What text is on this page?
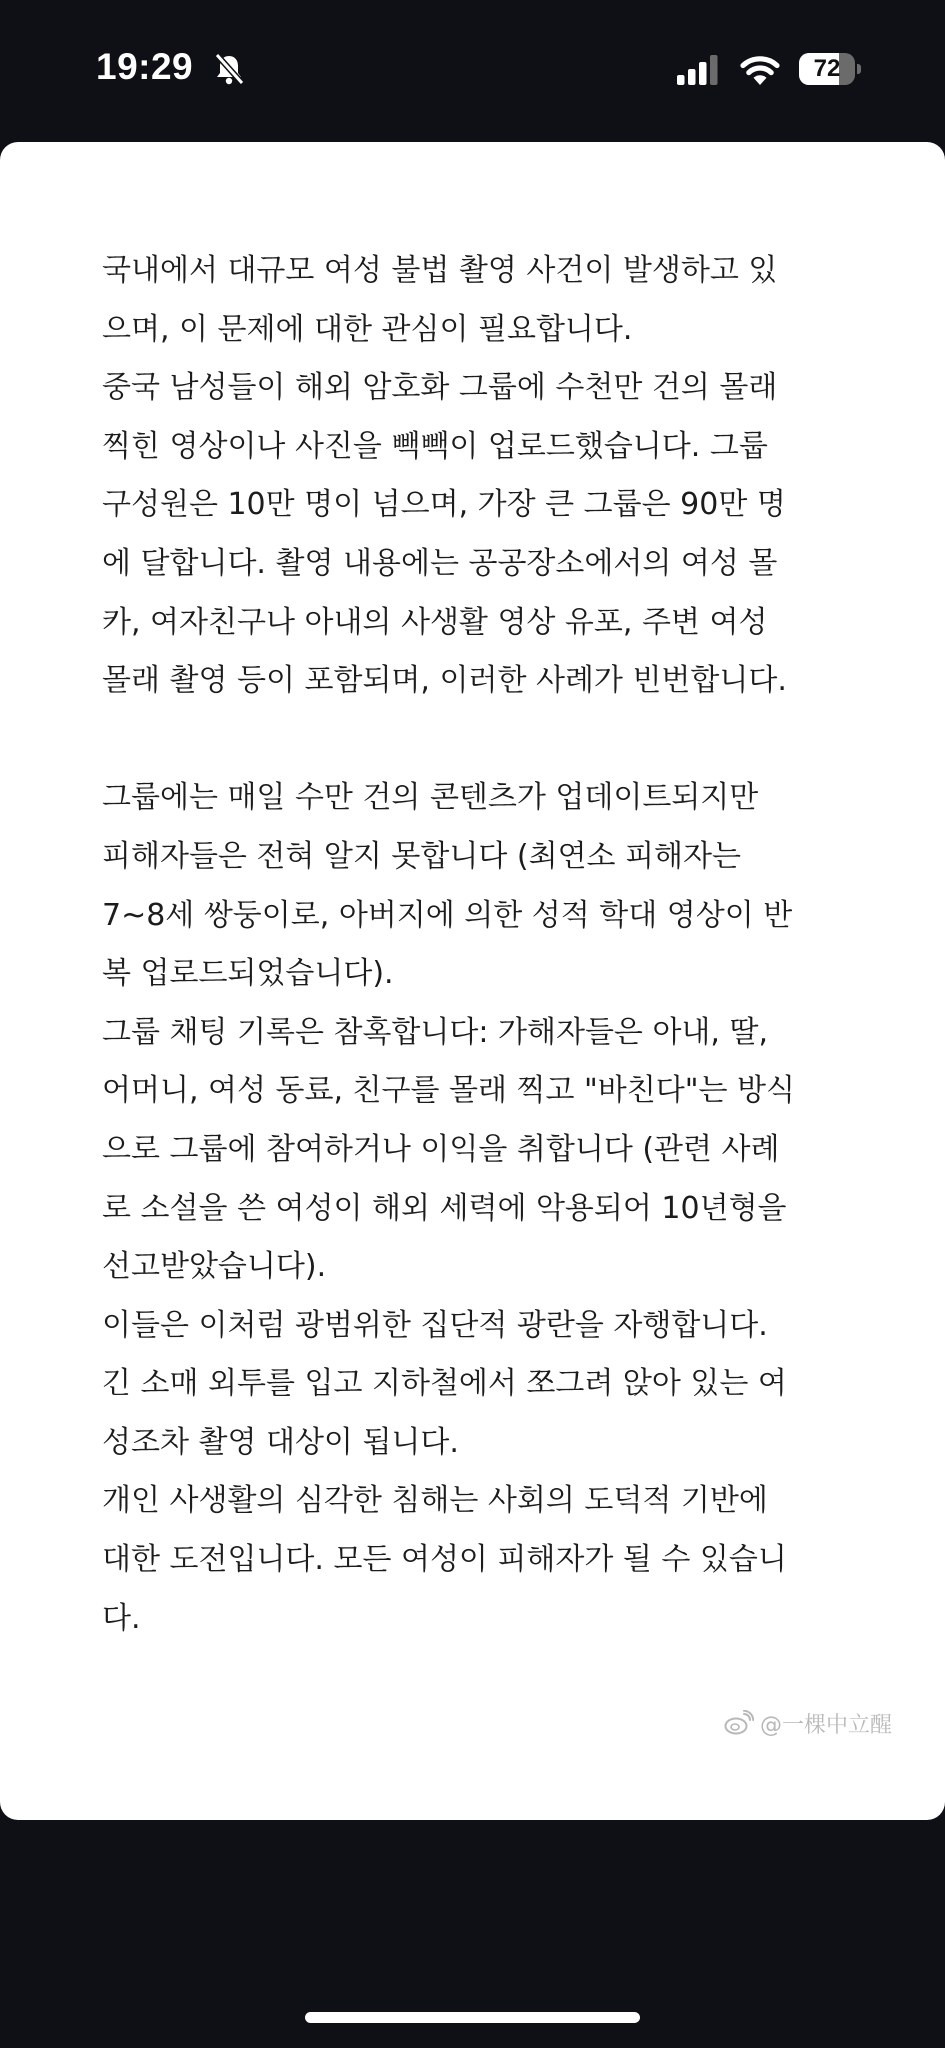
19:29	72
국내에서 대규모 여성 불법 촬영 사건이 발생하고 있
으며, 이 문제에 대한 관심이 필요합니다.
중국 남성들이 해외 암호화 그룹에 수천만 건의 몰래
찍힌 영상이나 사진을 빽빽이 업로드했습니다. 그룹
구성원은 10만 명이 넘으며, 가장 큰 그룹은 90만 명
에 달합니다. 촬영 내용에는 공공장소에서의 여성 몰
카, 여자친구나 아내의 사생활 영상 유포, 주변 여성
몰래 촬영 등이 포함되며, 이러한 사례가 빈번합니다.
그룹에는 매일 수만 건의 콘텐츠가 업데이트되지만
피해자들은 전혀 알지 못합니다 (최연소 피해자는
7~8세 쌍둥이로, 아버지에 의한 성적 학대 영상이 반
복 업로드되었습니다).
그룹 채팅 기록은 참혹합니다: 가해자들은 아내, 딸,
어머니, 여성 동료, 친구를 몰래 찍고 "바친다"는 방식
으로 그룹에 참여하거나 이익을 취합니다 (관련 사례
로 소설을 쓴 여성이 해외 세력에 악용되어 10년형을
선고받았습니다).
이들은 이처럼 광범위한 집단적 광란을 자행합니다.
긴 소매 외투를 입고 지하철에서 쪼그려 앉아 있는 여
성조차 촬영 대상이 됩니다.
개인 사생활의 심각한 침해는 사회의 도덕적 기반에
대한 도전입니다. 모든 여성이 피해자가 될 수 있습니
다.
@一棵中立醒
